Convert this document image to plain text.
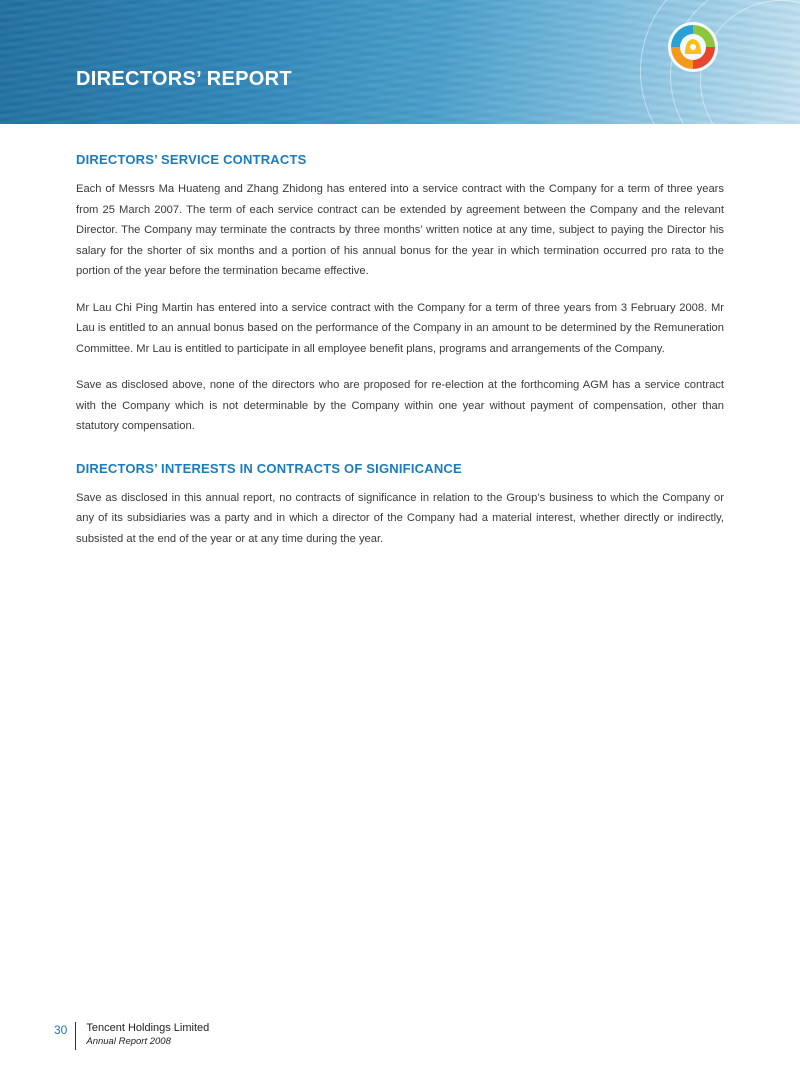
DIRECTORS’ REPORT
DIRECTORS’ SERVICE CONTRACTS

Each of Messrs Ma Huateng and Zhang Zhidong has entered into a service contract with the Company for a term of three years from 25 March 2007. The term of each service contract can be extended by agreement between the Company and the relevant Director. The Company may terminate the contracts by three months’ written notice at any time, subject to paying the Director his salary for the shorter of six months and a portion of his annual bonus for the year in which termination occurred pro rata to the portion of the year before the termination became effective.

Mr Lau Chi Ping Martin has entered into a service contract with the Company for a term of three years from 3 February 2008. Mr Lau is entitled to an annual bonus based on the performance of the Company in an amount to be determined by the Remuneration Committee. Mr Lau is entitled to participate in all employee benefit plans, programs and arrangements of the Company.

Save as disclosed above, none of the directors who are proposed for re-election at the forthcoming AGM has a service contract with the Company which is not determinable by the Company within one year without payment of compensation, other than statutory compensation.

DIRECTORS’ INTERESTS IN CONTRACTS OF SIGNIFICANCE

Save as disclosed in this annual report, no contracts of significance in relation to the Group’s business to which the Company or any of its subsidiaries was a party and in which a director of the Company had a material interest, whether directly or indirectly, subsisted at the end of the year or at any time during the year.

30	Tencent Holdings Limited
Annual Report 2008
